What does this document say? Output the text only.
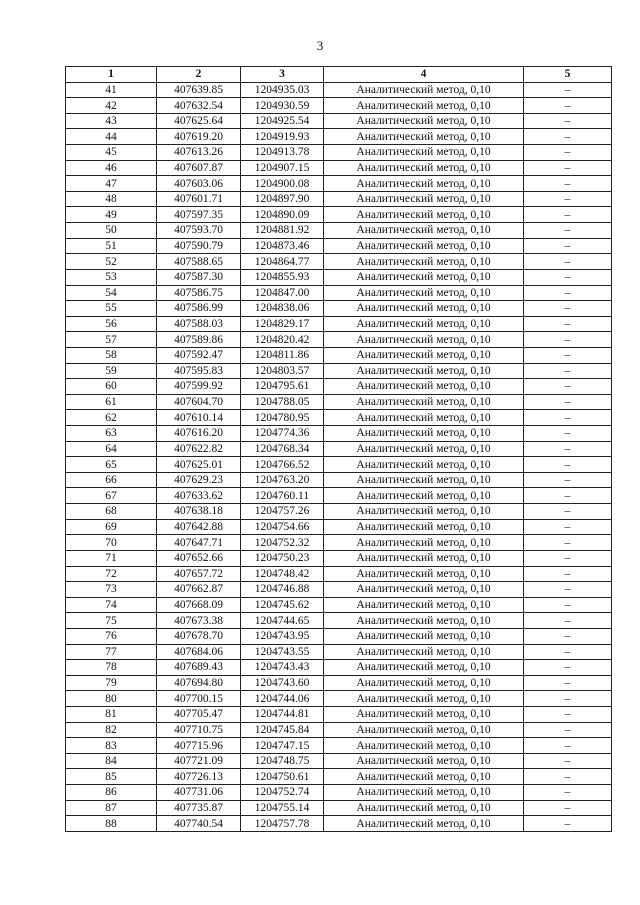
3
1	2	3	4	5
41	407639.85	1204935.03	Аналитический метод, 0,10	–
42	407632.54	1204930.59	Аналитический метод, 0,10	–
43	407625.64	1204925.54	Аналитический метод, 0,10	–
44	407619.20	1204919.93	Аналитический метод, 0,10	–
45	407613.26	1204913.78	Аналитический метод, 0,10	–
46	407607.87	1204907.15	Аналитический метод, 0,10	–
47	407603.06	1204900.08	Аналитический метод, 0,10	–
48	407601.71	1204897.90	Аналитический метод, 0,10	–
49	407597.35	1204890.09	Аналитический метод, 0,10	–
50	407593.70	1204881.92	Аналитический метод, 0,10	–
51	407590.79	1204873.46	Аналитический метод, 0,10	–
52	407588.65	1204864.77	Аналитический метод, 0,10	–
53	407587.30	1204855.93	Аналитический метод, 0,10	–
54	407586.75	1204847.00	Аналитический метод, 0,10	–
55	407586.99	1204838.06	Аналитический метод, 0,10	–
56	407588.03	1204829.17	Аналитический метод, 0,10	–
57	407589.86	1204820.42	Аналитический метод, 0,10	–
58	407592.47	1204811.86	Аналитический метод, 0,10	–
59	407595.83	1204803.57	Аналитический метод, 0,10	–
60	407599.92	1204795.61	Аналитический метод, 0,10	–
61	407604.70	1204788.05	Аналитический метод, 0,10	–
62	407610.14	1204780.95	Аналитический метод, 0,10	–
63	407616.20	1204774.36	Аналитический метод, 0,10	–
64	407622.82	1204768.34	Аналитический метод, 0,10	–
65	407625.01	1204766.52	Аналитический метод, 0,10	–
66	407629.23	1204763.20	Аналитический метод, 0,10	–
67	407633.62	1204760.11	Аналитический метод, 0,10	–
68	407638.18	1204757.26	Аналитический метод, 0,10	–
69	407642.88	1204754.66	Аналитический метод, 0,10	–
70	407647.71	1204752.32	Аналитический метод, 0,10	–
71	407652.66	1204750.23	Аналитический метод, 0,10	–
72	407657.72	1204748.42	Аналитический метод, 0,10	–
73	407662.87	1204746.88	Аналитический метод, 0,10	–
74	407668.09	1204745.62	Аналитический метод, 0,10	–
75	407673.38	1204744.65	Аналитический метод, 0,10	–
76	407678.70	1204743.95	Аналитический метод, 0,10	–
77	407684.06	1204743.55	Аналитический метод, 0,10	–
78	407689.43	1204743.43	Аналитический метод, 0,10	–
79	407694.80	1204743.60	Аналитический метод, 0,10	–
80	407700.15	1204744.06	Аналитический метод, 0,10	–
81	407705.47	1204744.81	Аналитический метод, 0,10	–
82	407710.75	1204745.84	Аналитический метод, 0,10	–
83	407715.96	1204747.15	Аналитический метод, 0,10	–
84	407721.09	1204748.75	Аналитический метод, 0,10	–
85	407726.13	1204750.61	Аналитический метод, 0,10	–
86	407731.06	1204752.74	Аналитический метод, 0,10	–
87	407735.87	1204755.14	Аналитический метод, 0,10	–
88	407740.54	1204757.78	Аналитический метод, 0,10	–
